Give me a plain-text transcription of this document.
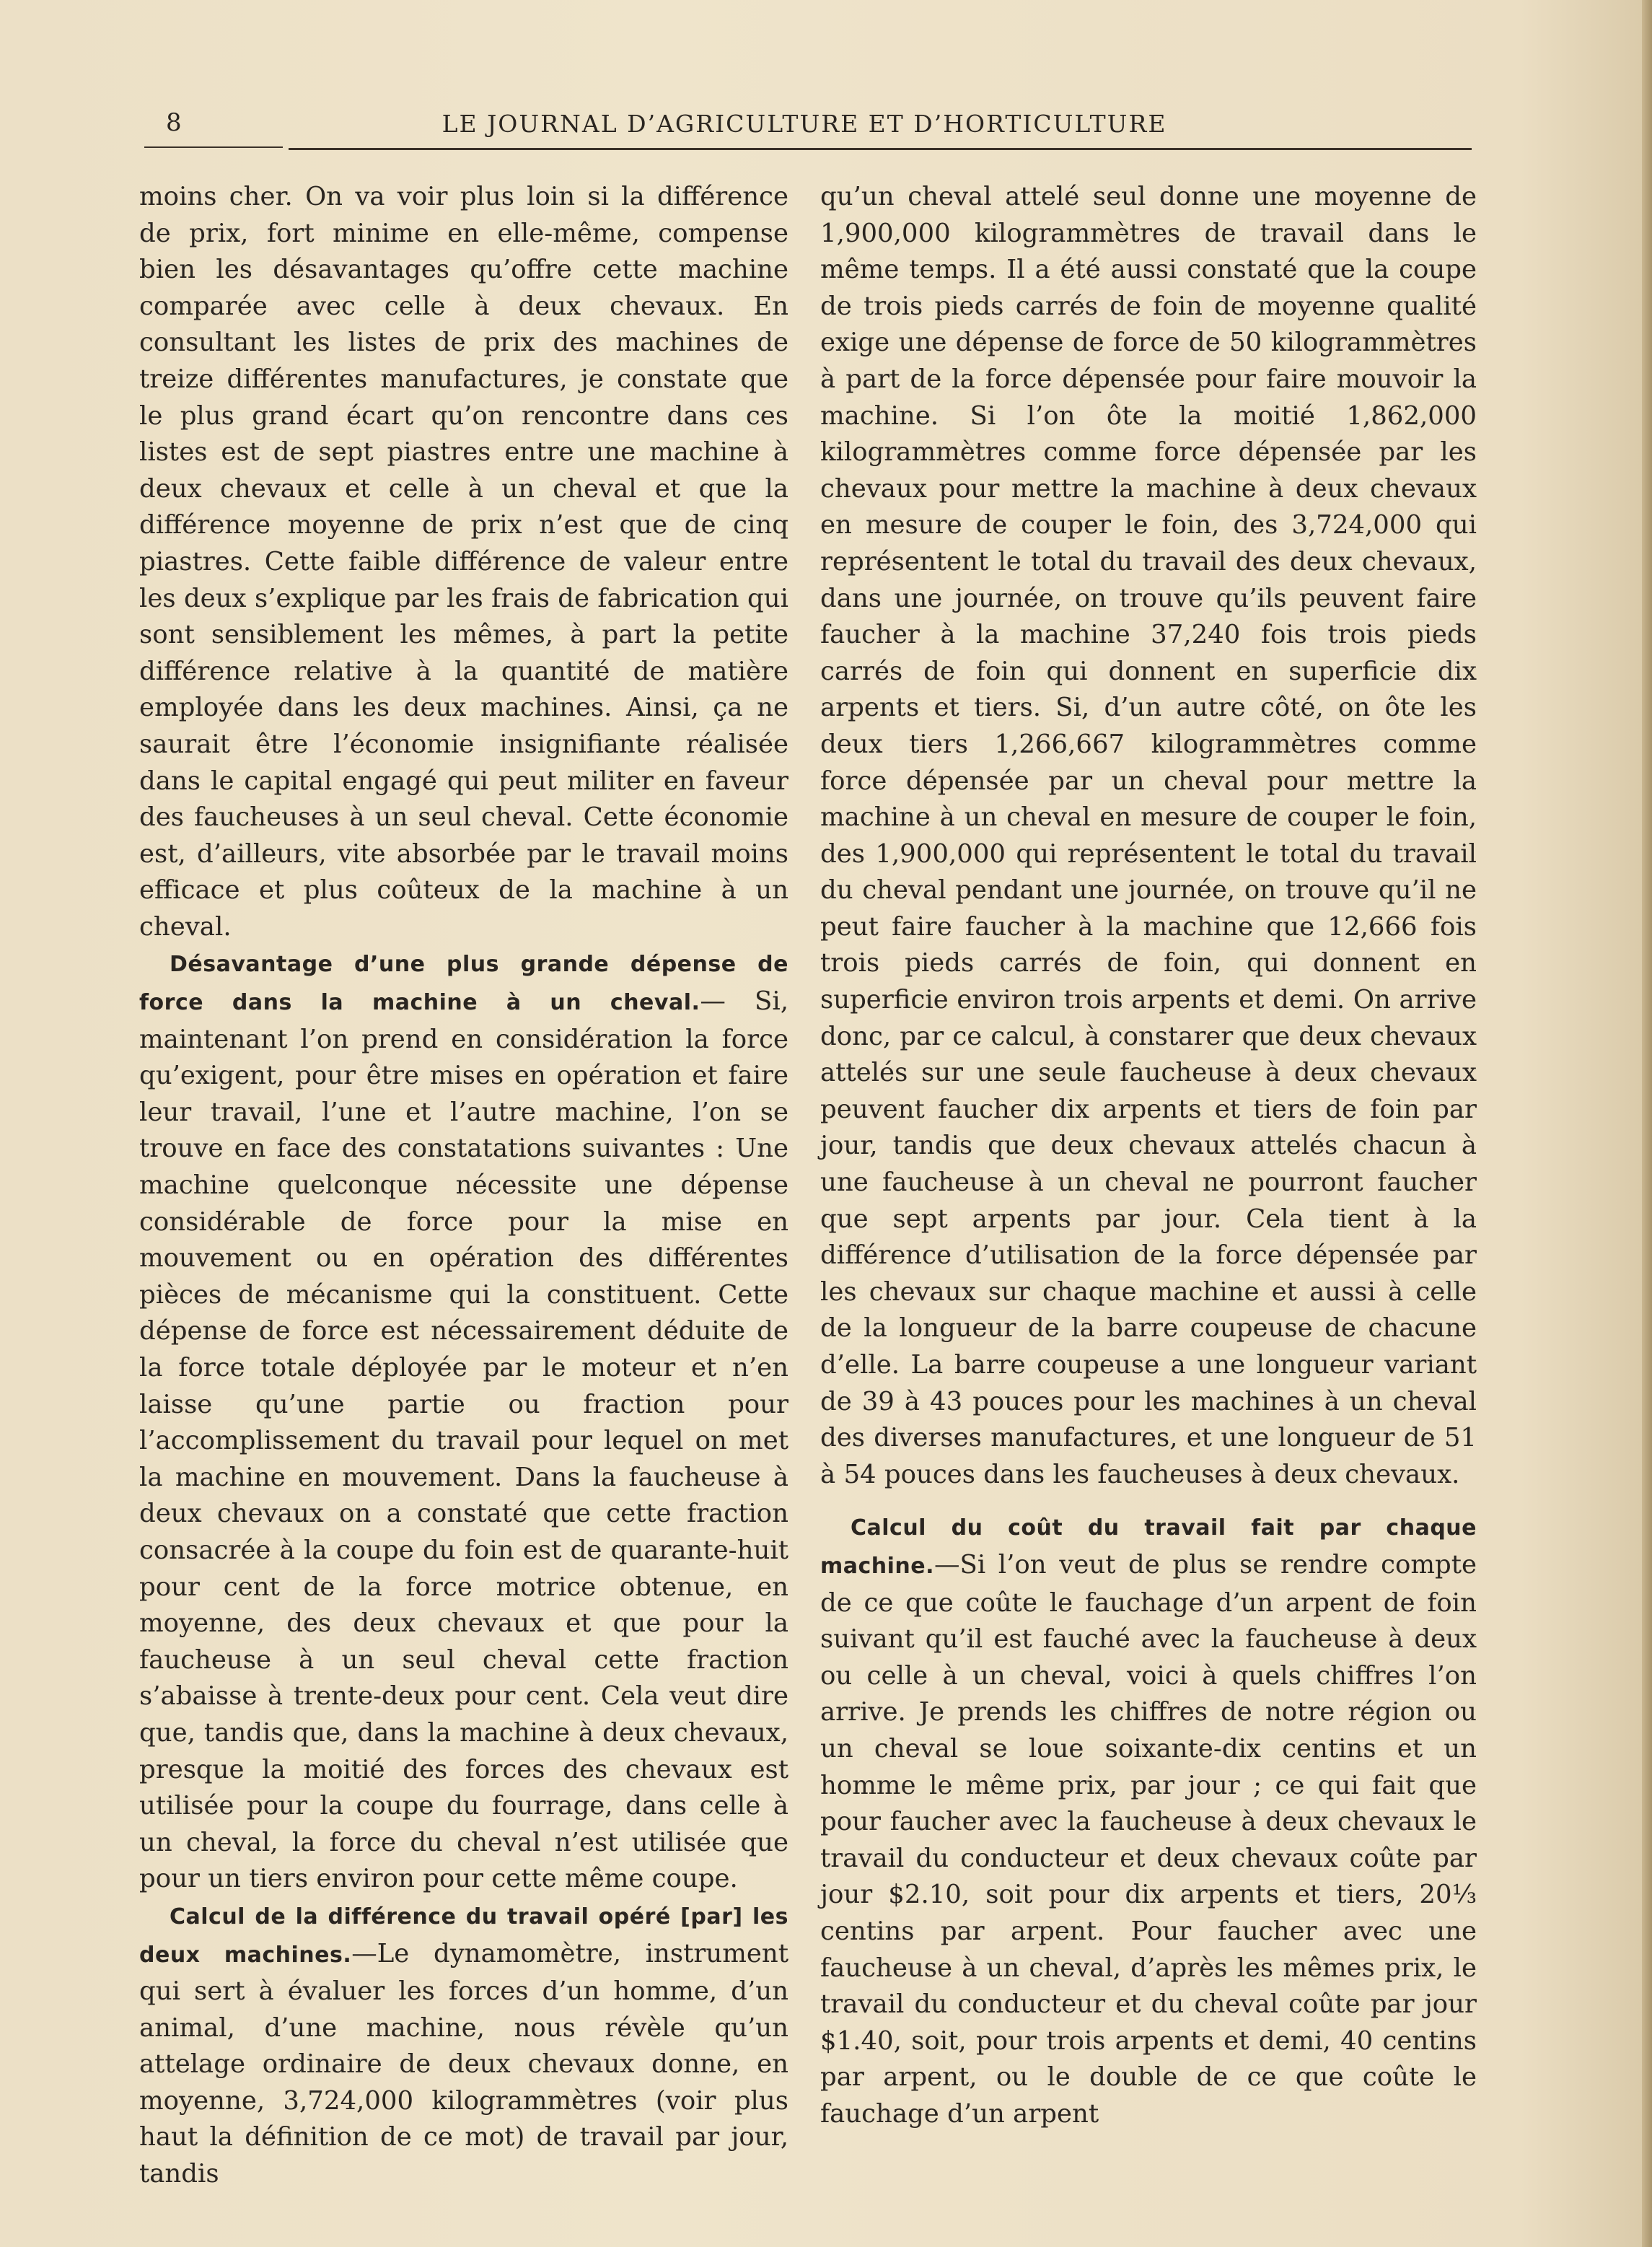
8	LE JOURNAL D’AGRICULTURE ET D’HORTICULTURE

moins cher. On va voir plus loin si la différence de prix, fort minime en elle-même, compense bien les désavantages qu’offre cette machine comparée avec celle à deux chevaux. En consultant les listes de prix des machines de treize différentes manufactures, je constate que le plus grand écart qu’on rencontre dans ces listes est de sept piastres entre une machine à deux chevaux et celle à un cheval et que la différence moyenne de prix n’est que de cinq piastres. Cette faible différence de valeur entre les deux s’explique par les frais de fabrication qui sont sensiblement les mêmes, à part la petite différence relative à la quantité de matière employée dans les deux machines. Ainsi, ça ne saurait être l’économie insignifiante réalisée dans le capital engagé qui peut militer en faveur des faucheuses à un seul cheval. Cette économie est, d’ailleurs, vite absorbée par le travail moins efficace et plus coûteux de la machine à un cheval.

Désavantage d’une plus grande dépense de force dans la machine à un cheval.— Si, maintenant l’on prend en considération la force qu’exigent, pour être mises en opération et faire leur travail, l’une et l’autre machine, l’on se trouve en face des constatations suivantes : Une machine quelconque nécessite une dépense considérable de force pour la mise en mouvement ou en opération des différentes pièces de mécanisme qui la constituent. Cette dépense de force est nécessairement déduite de la force totale déployée par le moteur et n’en laisse qu’une partie ou fraction pour l’accomplissement du travail pour lequel on met la machine en mouvement. Dans la faucheuse à deux chevaux on a constaté que cette fraction consacrée à la coupe du foin est de quarante-huit pour cent de la force motrice obtenue, en moyenne, des deux chevaux et que pour la faucheuse à un seul cheval cette fraction s’abaisse à trente-deux pour cent. Cela veut dire que, tandis que, dans la machine à deux chevaux, presque la moitié des forces des chevaux est utilisée pour la coupe du fourrage, dans celle à un cheval, la force du cheval n’est utilisée que pour un tiers environ pour cette même coupe.

Calcul de la différence du travail opéré [par] les deux machines.—Le dynamomètre, instrument qui sert à évaluer les forces d’un homme, d’un animal, d’une machine, nous révèle qu’un attelage ordinaire de deux chevaux donne, en moyenne, 3,724,000 kilogrammètres (voir plus haut la définition de ce mot) de travail par jour, tandis

qu’un cheval attelé seul donne une moyenne de 1,900,000 kilogrammètres de travail dans le même temps. Il a été aussi constaté que la coupe de trois pieds carrés de foin de moyenne qualité exige une dépense de force de 50 kilogrammètres à part de la force dépensée pour faire mouvoir la machine. Si l’on ôte la moitié 1,862,000 kilogrammètres comme force dépensée par les chevaux pour mettre la machine à deux chevaux en mesure de couper le foin, des 3,724,000 qui représentent le total du travail des deux chevaux, dans une journée, on trouve qu’ils peuvent faire faucher à la machine 37,240 fois trois pieds carrés de foin qui donnent en superficie dix arpents et tiers. Si, d’un autre côté, on ôte les deux tiers 1,266,667 kilogrammètres comme force dépensée par un cheval pour mettre la machine à un cheval en mesure de couper le foin, des 1,900,000 qui représentent le total du travail du cheval pendant une journée, on trouve qu’il ne peut faire faucher à la machine que 12,666 fois trois pieds carrés de foin, qui donnent en superficie environ trois arpents et demi. On arrive donc, par ce calcul, à constarer que deux chevaux attelés sur une seule faucheuse à deux chevaux peuvent faucher dix arpents et tiers de foin par jour, tandis que deux chevaux attelés chacun à une faucheuse à un cheval ne pourront faucher que sept arpents par jour. Cela tient à la différence d’utilisation de la force dépensée par les chevaux sur chaque machine et aussi à celle de la longueur de la barre coupeuse de chacune d’elle. La barre coupeuse a une longueur variant de 39 à 43 pouces pour les machines à un cheval des diverses manufactures, et une longueur de 51 à 54 pouces dans les faucheuses à deux chevaux.

Calcul du coût du travail fait par chaque machine.—Si l’on veut de plus se rendre compte de ce que coûte le fauchage d’un arpent de foin suivant qu’il est fauché avec la faucheuse à deux ou celle à un cheval, voici à quels chiffres l’on arrive. Je prends les chiffres de notre région ou un cheval se loue soixante-dix centins et un homme le même prix, par jour ; ce qui fait que pour faucher avec la faucheuse à deux chevaux le travail du conducteur et deux chevaux coûte par jour $2.10, soit pour dix arpents et tiers, 20⅓ centins par arpent. Pour faucher avec une faucheuse à un cheval, d’après les mêmes prix, le travail du conducteur et du cheval coûte par jour $1.40, soit, pour trois arpents et demi, 40 centins par arpent, ou le double de ce que coûte le fauchage d’un arpent
